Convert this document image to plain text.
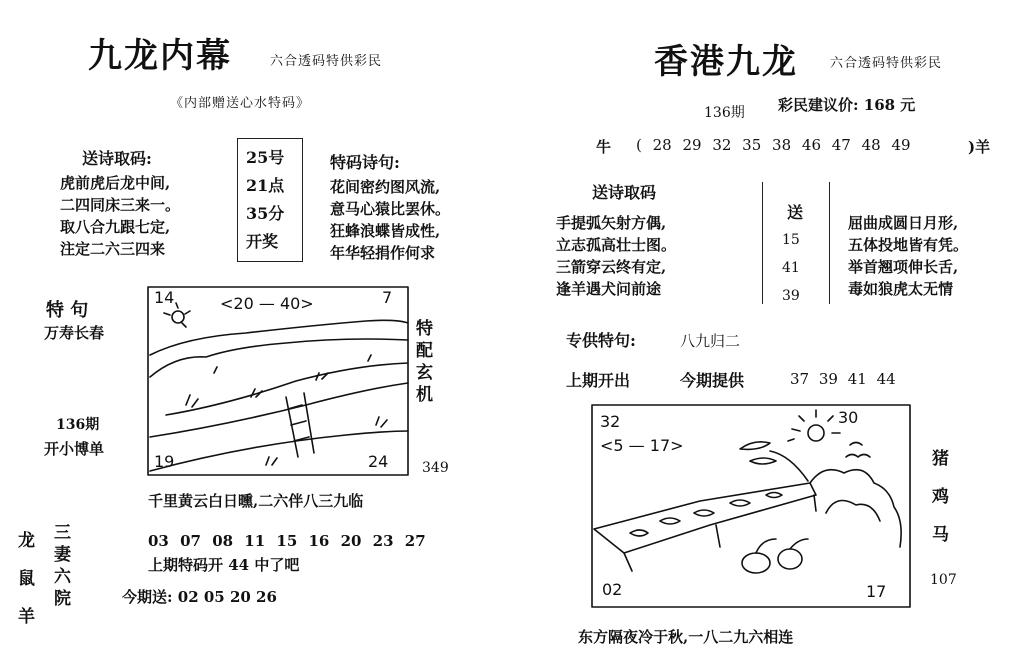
九龙内幕	六合透码特供彩民
《内部赠送心水特码》
送诗取码:
虎前虎后龙中间,
二四同床三来一。
取八合九跟七定,
注定二六三四来
25号
21点
35分
开奖
特码诗句:
花间密约图风流,
意马心猿比罢休。
狂蜂浪蝶皆成性,
年华轻捐作何求
特 句
万寿长春
136期
开小博单
14	<20 — 40>	7
19	24
特
配
玄
机
349
千里黄云白日曛,二六伴八三九临
03 07 08 11 15 16 20 23 27
上期特码开 44 中了吧
今期送: 02 05 20 26
龙
鼠
羊
三
妻
六
院
香港九龙 六合透码特供彩民
136期 彩民建议价: 168 元
牛 ( 28 29 32 35 38 46 47 48 49	)羊
送诗取码
手提弧矢射方偶,
立志孤高壮士图。
三箭穿云终有定,
逢羊遇犬问前途
送
15
41
39
屈曲成圆日月形,
五体投地皆有凭。
举首翘项伸长舌,
毒如狼虎太无情
专供特句:	八九归二
上期开出	今期提供	37 39 41 44
32
<5 — 17>
30
02	17
猪
鸡
马
107
东方隔夜冷于秋,一八二九六相连
